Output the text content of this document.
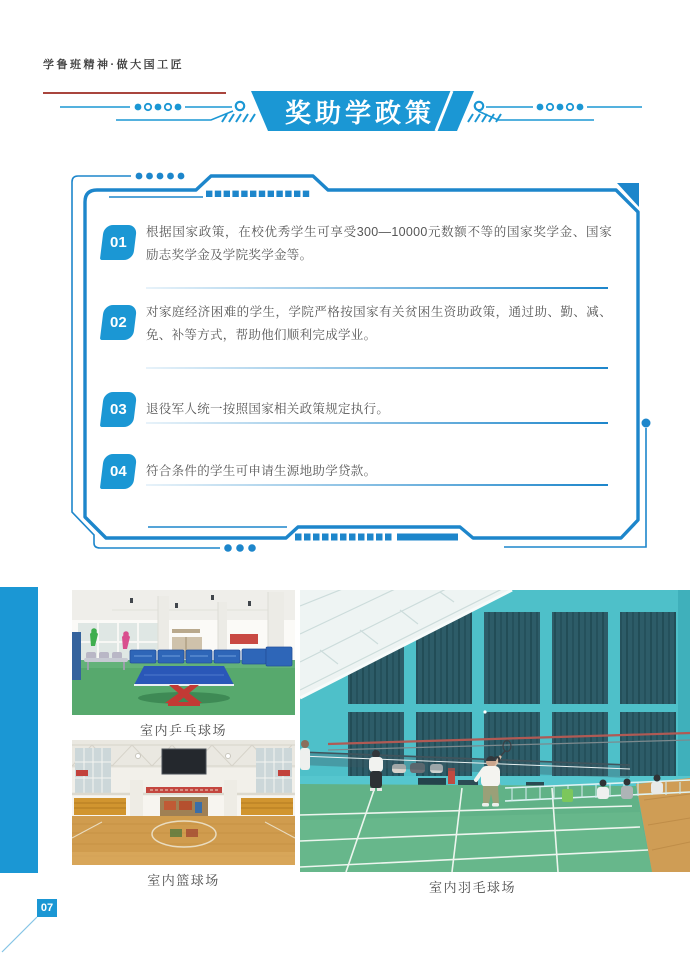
学鲁班精神·做大国工匠
奖助学政策
01
根据国家政策，在校优秀学生可享受300—10000元数额不等的国家奖学金、国家励志奖学金及学院奖学金等。
02
对家庭经济困难的学生，学院严格按国家有关贫困生资助政策，通过助、勤、减、免、补等方式，帮助他们顺利完成学业。
03 退役军人统一按照国家相关政策规定执行。
04 符合条件的学生可申请生源地助学贷款。
室内乒乓球场
室内篮球场	室内羽毛球场
07
